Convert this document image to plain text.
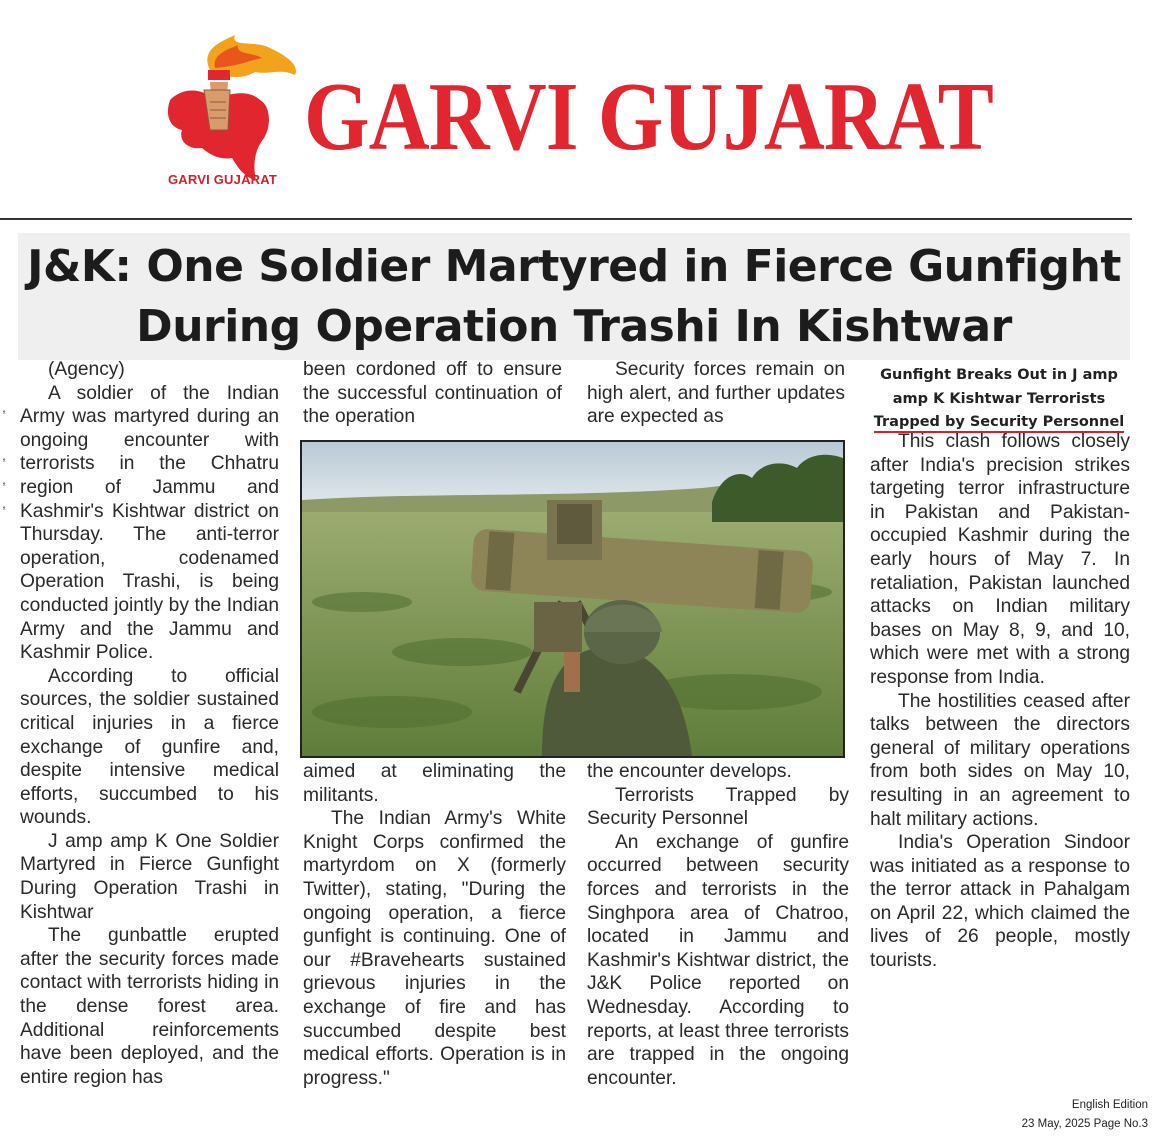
GARVI GUJARAT
GARVI GUJARAT
J&K: One Soldier Martyred in Fierce Gunfight
During Operation Trashi In Kishtwar
,

,
,
,

(Agency)

A soldier of the Indian Army was martyred during an ongoing encounter with terrorists in the Chhatru region of Jammu and Kashmir's Kishtwar district on Thursday. The anti-terror operation, codenamed Operation Trashi, is being conducted jointly by the Indian Army and the Jammu and Kashmir Police.

According to official sources, the soldier sustained critical injuries in a fierce exchange of gunfire and, despite intensive medical efforts, succumbed to his wounds.

J amp amp K One Soldier Martyred in Fierce Gunfight During Operation Trashi in Kishtwar

The gunbattle erupted after the security forces made contact with terrorists hiding in the dense forest area. Additional reinforcements have been deployed, and the entire region has

been cordoned off to ensure the successful continuation of the operation

aimed at eliminating the militants.

The Indian Army's White Knight Corps confirmed the martyrdom on X (formerly Twitter), stating, "During the ongoing operation, a fierce gunfight is continuing. One of our #Bravehearts sustained grievous injuries in the exchange of fire and has succumbed despite best medical efforts. Operation is in progress."

Security forces remain on high alert, and further updates are expected as

the encounter develops.

Terrorists Trapped by Security Personnel

An exchange of gunfire occurred between security forces and terrorists in the Singhpora area of Chatroo, located in Jammu and Kashmir's Kishtwar district, the J&K Police reported on Wednesday. According to reports, at least three terrorists are trapped in the ongoing encounter.

Gunfight Breaks Out in J amp
amp K Kishtwar Terrorists
Trapped by Security Personnel

This clash follows closely after India's precision strikes targeting terror infrastructure in Pakistan and Pakistan-occupied Kashmir during the early hours of May 7. In retaliation, Pakistan launched attacks on Indian military bases on May 8, 9, and 10, which were met with a strong response from India.

The hostilities ceased after talks between the directors general of military operations from both sides on May 10, resulting in an agreement to halt military actions.

India's Operation Sindoor was initiated as a response to the terror attack in Pahalgam on April 22, which claimed the lives of 26 people, mostly tourists.

English Edition
23 May, 2025 Page No.3
